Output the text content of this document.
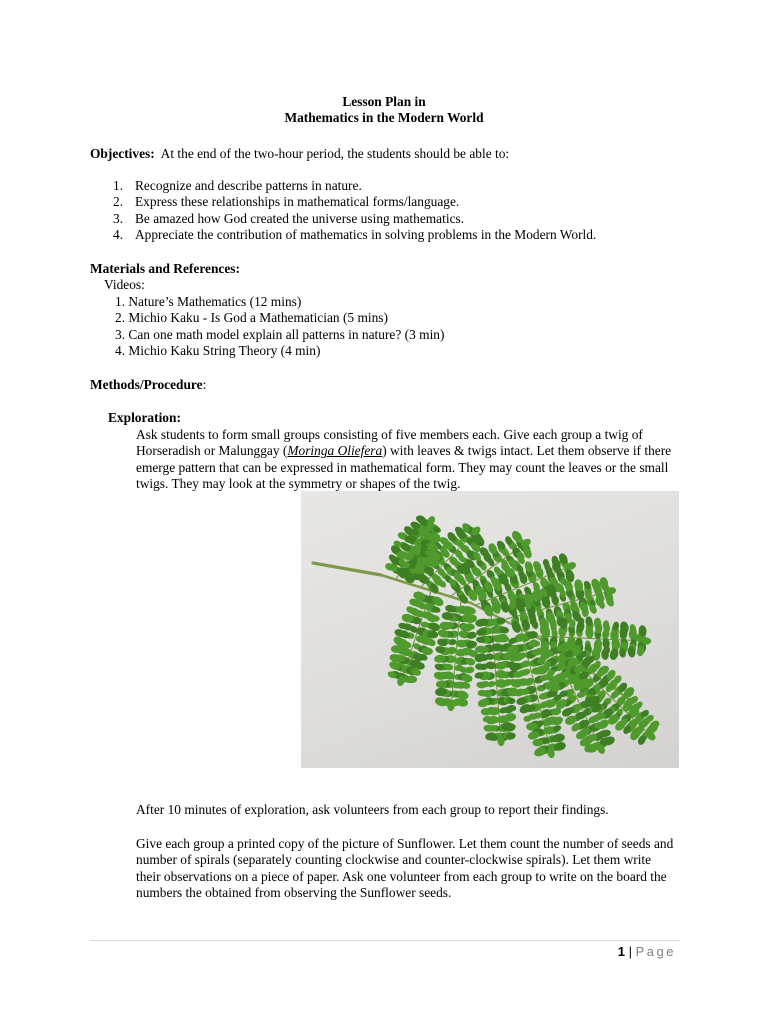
Lesson Plan in
Mathematics in the Modern World
Objectives: At the end of the two-hour period, the students should be able to:
1. Recognize and describe patterns in nature.
2. Express these relationships in mathematical forms/language.
3. Be amazed how God created the universe using mathematics.
4. Appreciate the contribution of mathematics in solving problems in the Modern World.
Materials and References:
Videos:
1. Nature’s Mathematics (12 mins)
2. Michio Kaku - Is God a Mathematician (5 mins)
3. Can one math model explain all patterns in nature? (3 min)
4. Michio Kaku String Theory (4 min)
Methods/Procedure:
Exploration:

Ask students to form small groups consisting of five members each. Give each group a twig of Horseradish or Malunggay (Moringa Oliefera) with leaves & twigs intact. Let them observe if there emerge pattern that can be expressed in mathematical form. They may count the leaves or the small twigs. They may look at the symmetry or shapes of the twig.

After 10 minutes of exploration, ask volunteers from each group to report their findings.

Give each group a printed copy of the picture of Sunflower. Let them count the number of seeds and number of spirals (separately counting clockwise and counter-clockwise spirals). Let them write their observations on a piece of paper. Ask one volunteer from each group to write on the board the numbers the obtained from observing the Sunflower seeds.

1 | Page
